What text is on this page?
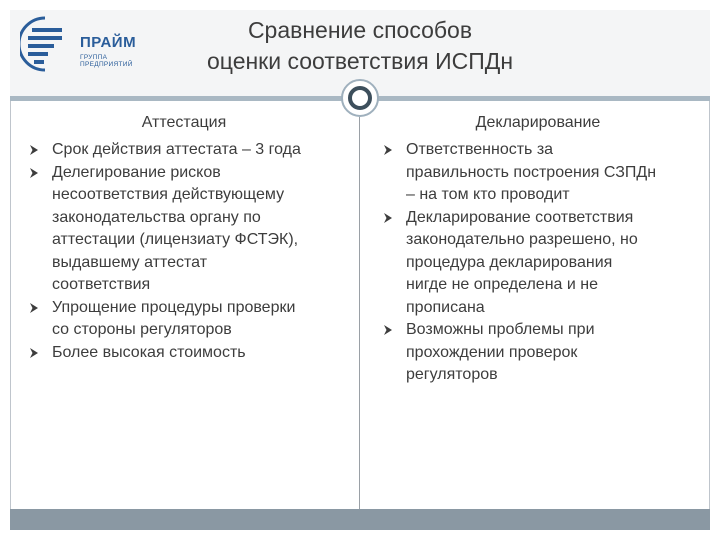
ПРАЙМ
ГРУППА ПРЕДПРИЯТИЙ
Сравнение способов
оценки соответствия ИСПДн
Аттестация
Срок действия аттестата – 3 года
Делегирование рисков
несоответствия действующему
законодательства органу по
аттестации (лицензиату ФСТЭК),
выдавшему аттестат
соответствия
Упрощение процедуры проверки
со стороны регуляторов
Более высокая стоимость
Декларирование
Ответственность за
правильность построения СЗПДн
– на том кто проводит
Декларирование соответствия
законодательно разрешено, но
процедура декларирования
нигде не определена и не
прописана
Возможны проблемы при
прохождении проверок
регуляторов
